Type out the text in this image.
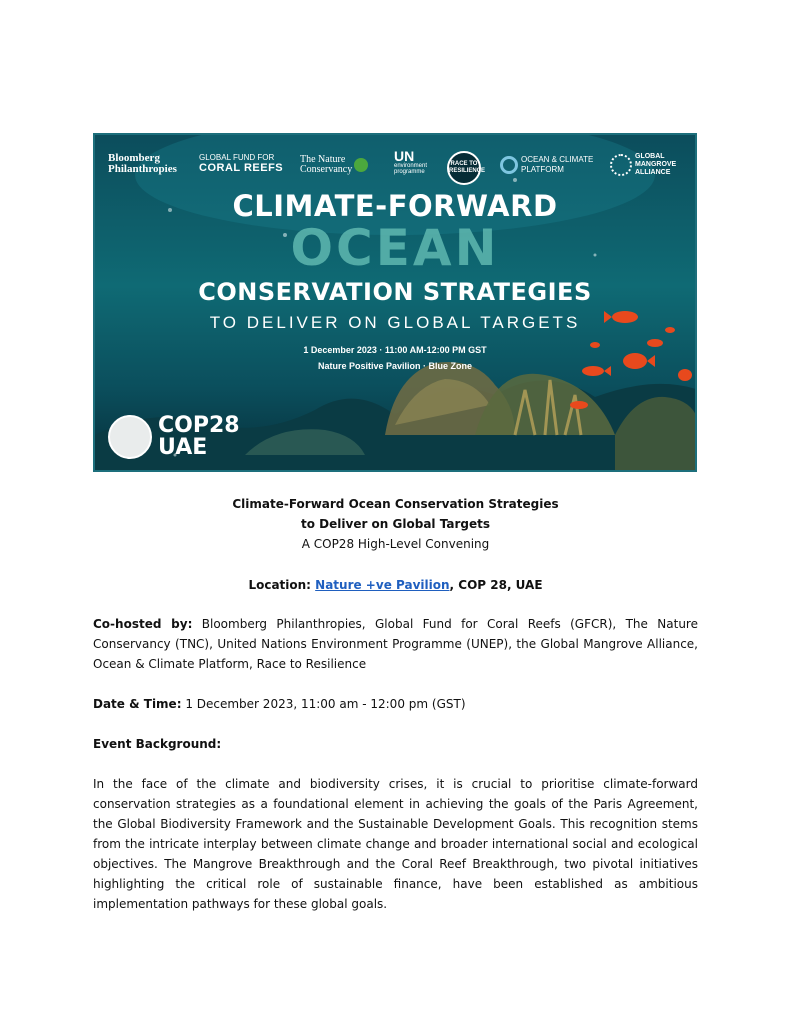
Bloomberg
Philanthropies
GLOBAL FUND FOR
CORAL REEFS
The Nature
Conservancy
UN
environment
programme
RACE TO
RESILIENCE
OCEAN & CLIMATE
PLATFORM
GLOBAL
MANGROVE
ALLIANCE
CLIMATE-FORWARD
OCEAN
CONSERVATION STRATEGIES
TO DELIVER ON GLOBAL TARGETS
1 December 2023 · 11:00 AM-12:00 PM GST
Nature Positive Pavilion · Blue Zone
COP28
UAE
Climate-Forward Ocean Conservation Strategies
to Deliver on Global Targets
A COP28 High-Level Convening
Location: Nature +ve Pavilion, COP 28, UAE
Co-hosted by: Bloomberg Philanthropies, Global Fund for Coral Reefs (GFCR), The Nature Conservancy (TNC), United Nations Environment Programme (UNEP), the Global Mangrove Alliance, Ocean & Climate Platform, Race to Resilience
Date & Time: 1 December 2023, 11:00 am - 12:00 pm (GST)
Event Background:
In the face of the climate and biodiversity crises, it is crucial to prioritise climate-forward conservation strategies as a foundational element in achieving the goals of the Paris Agreement, the Global Biodiversity Framework and the Sustainable Development Goals. This recognition stems from the intricate interplay between climate change and broader international social and ecological objectives. The Mangrove Breakthrough and the Coral Reef Breakthrough, two pivotal initiatives highlighting the critical role of sustainable finance, have been established as ambitious implementation pathways for these global goals.
